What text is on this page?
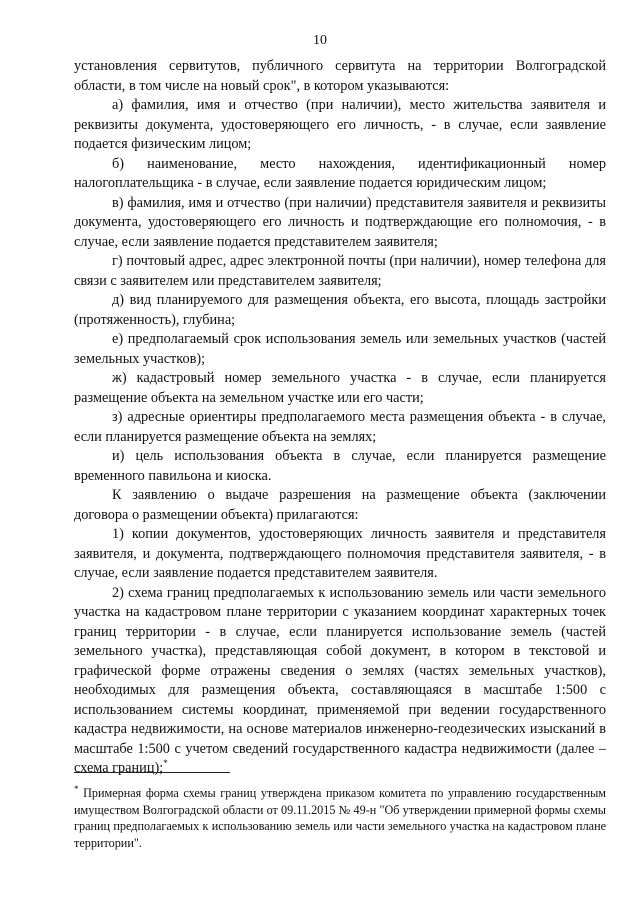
10

установления сервитутов, публичного сервитута на территории Волгоградской области, в том числе на новый срок", в котором указываются:

а) фамилия, имя и отчество (при наличии), место жительства заявителя и реквизиты документа, удостоверяющего его личность, - в случае, если заявление подается физическим лицом;

б) наименование, место нахождения, идентификационный номер налогоплательщика - в случае, если заявление подается юридическим лицом;

в) фамилия, имя и отчество (при наличии) представителя заявителя и реквизиты документа, удостоверяющего его личность и подтверждающие его полномочия, - в случае, если заявление подается представителем заявителя;

г) почтовый адрес, адрес электронной почты (при наличии), номер телефона для связи с заявителем или представителем заявителя;

д) вид планируемого для размещения объекта, его высота, площадь застройки (протяженность), глубина;

е) предполагаемый срок использования земель или земельных участков (частей земельных участков);

ж) кадастровый номер земельного участка - в случае, если планируется размещение объекта на земельном участке или его части;

з) адресные ориентиры предполагаемого места размещения объекта - в случае, если планируется размещение объекта на землях;

и) цель использования объекта в случае, если планируется размещение временного павильона и киоска.

К заявлению о выдаче разрешения на размещение объекта (заключении договора о размещении объекта) прилагаются:

1) копии документов, удостоверяющих личность заявителя и представителя заявителя, и документа, подтверждающего полномочия представителя заявителя, - в случае, если заявление подается представителем заявителя.

2) схема границ предполагаемых к использованию земель или части земельного участка на кадастровом плане территории с указанием координат характерных точек границ территории - в случае, если планируется использование земель (частей земельного участка), представляющая собой документ, в котором в текстовой и графической форме отражены сведения о землях (частях земельных участков), необходимых для размещения объекта, составляющаяся в масштабе 1:500 с использованием системы координат, применяемой при ведении государственного кадастра недвижимости, на основе материалов инженерно-геодезических изысканий в масштабе 1:500 с учетом сведений государственного кадастра недвижимости (далее – схема границ);*

* Примерная форма схемы границ утверждена приказом комитета по управлению государственным имуществом Волгоградской области от 09.11.2015 № 49-н "Об утверждении примерной формы схемы границ предполагаемых к использованию земель или части земельного участка на кадастровом плане территории".
